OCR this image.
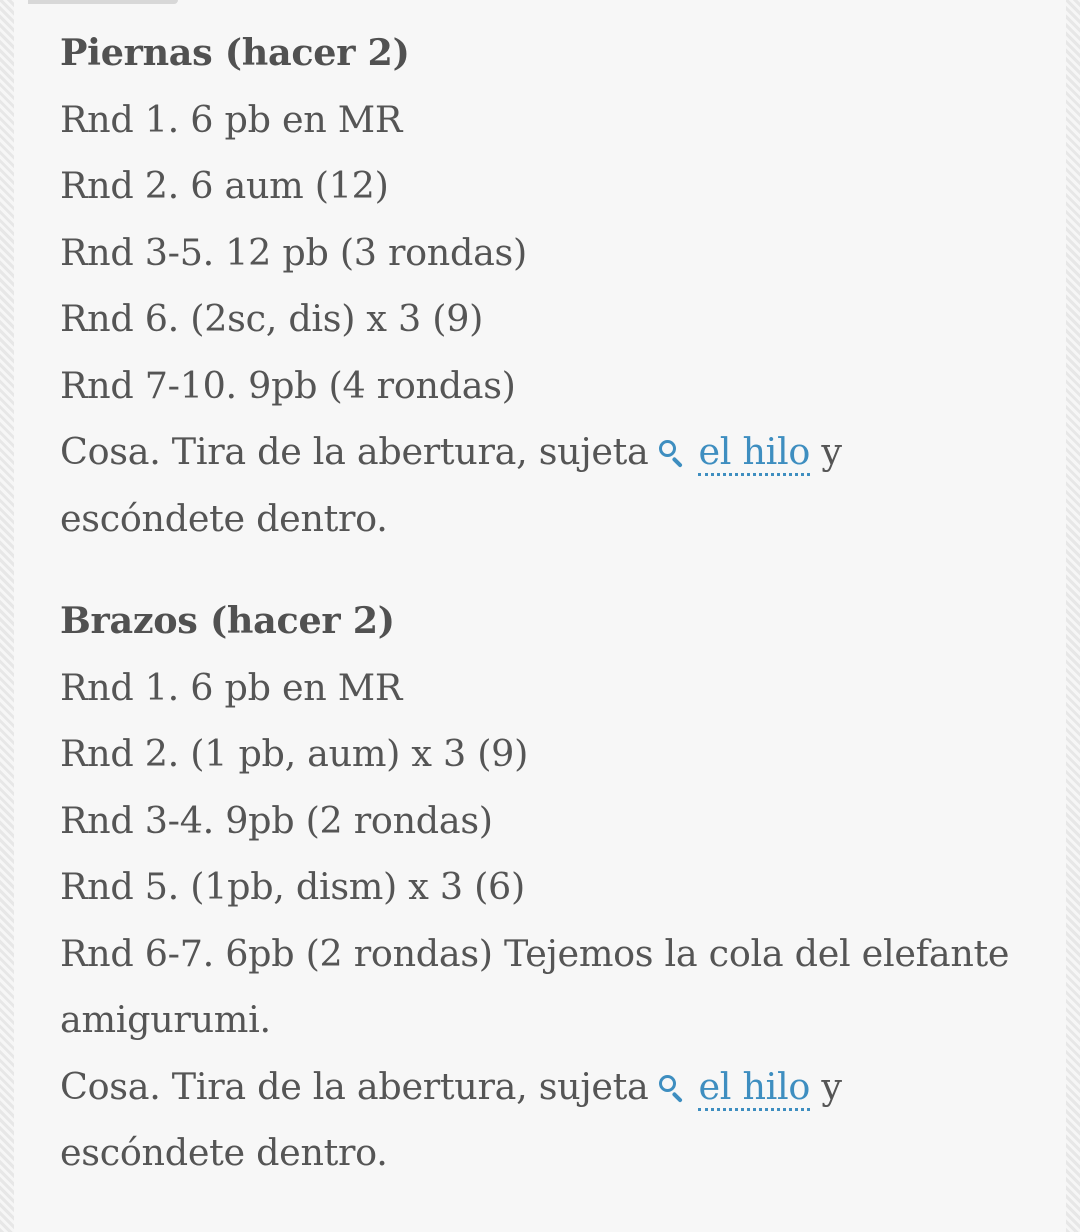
Piernas (hacer 2)
Rnd 1. 6 pb en MR
Rnd 2. 6 aum (12)
Rnd 3-5. 12 pb (3 rondas)
Rnd 6. (2sc, dis) x 3 (9)
Rnd 7-10. 9pb (4 rondas)
Cosa. Tira de la abertura, sujeta el hilo y
escóndete dentro.
Brazos (hacer 2)
Rnd 1. 6 pb en MR
Rnd 2. (1 pb, aum) x 3 (9)
Rnd 3-4. 9pb (2 rondas)
Rnd 5. (1pb, dism) x 3 (6)
Rnd 6-7. 6pb (2 rondas) Tejemos la cola del elefante
amigurumi.
Cosa. Tira de la abertura, sujeta el hilo y
escóndete dentro.
